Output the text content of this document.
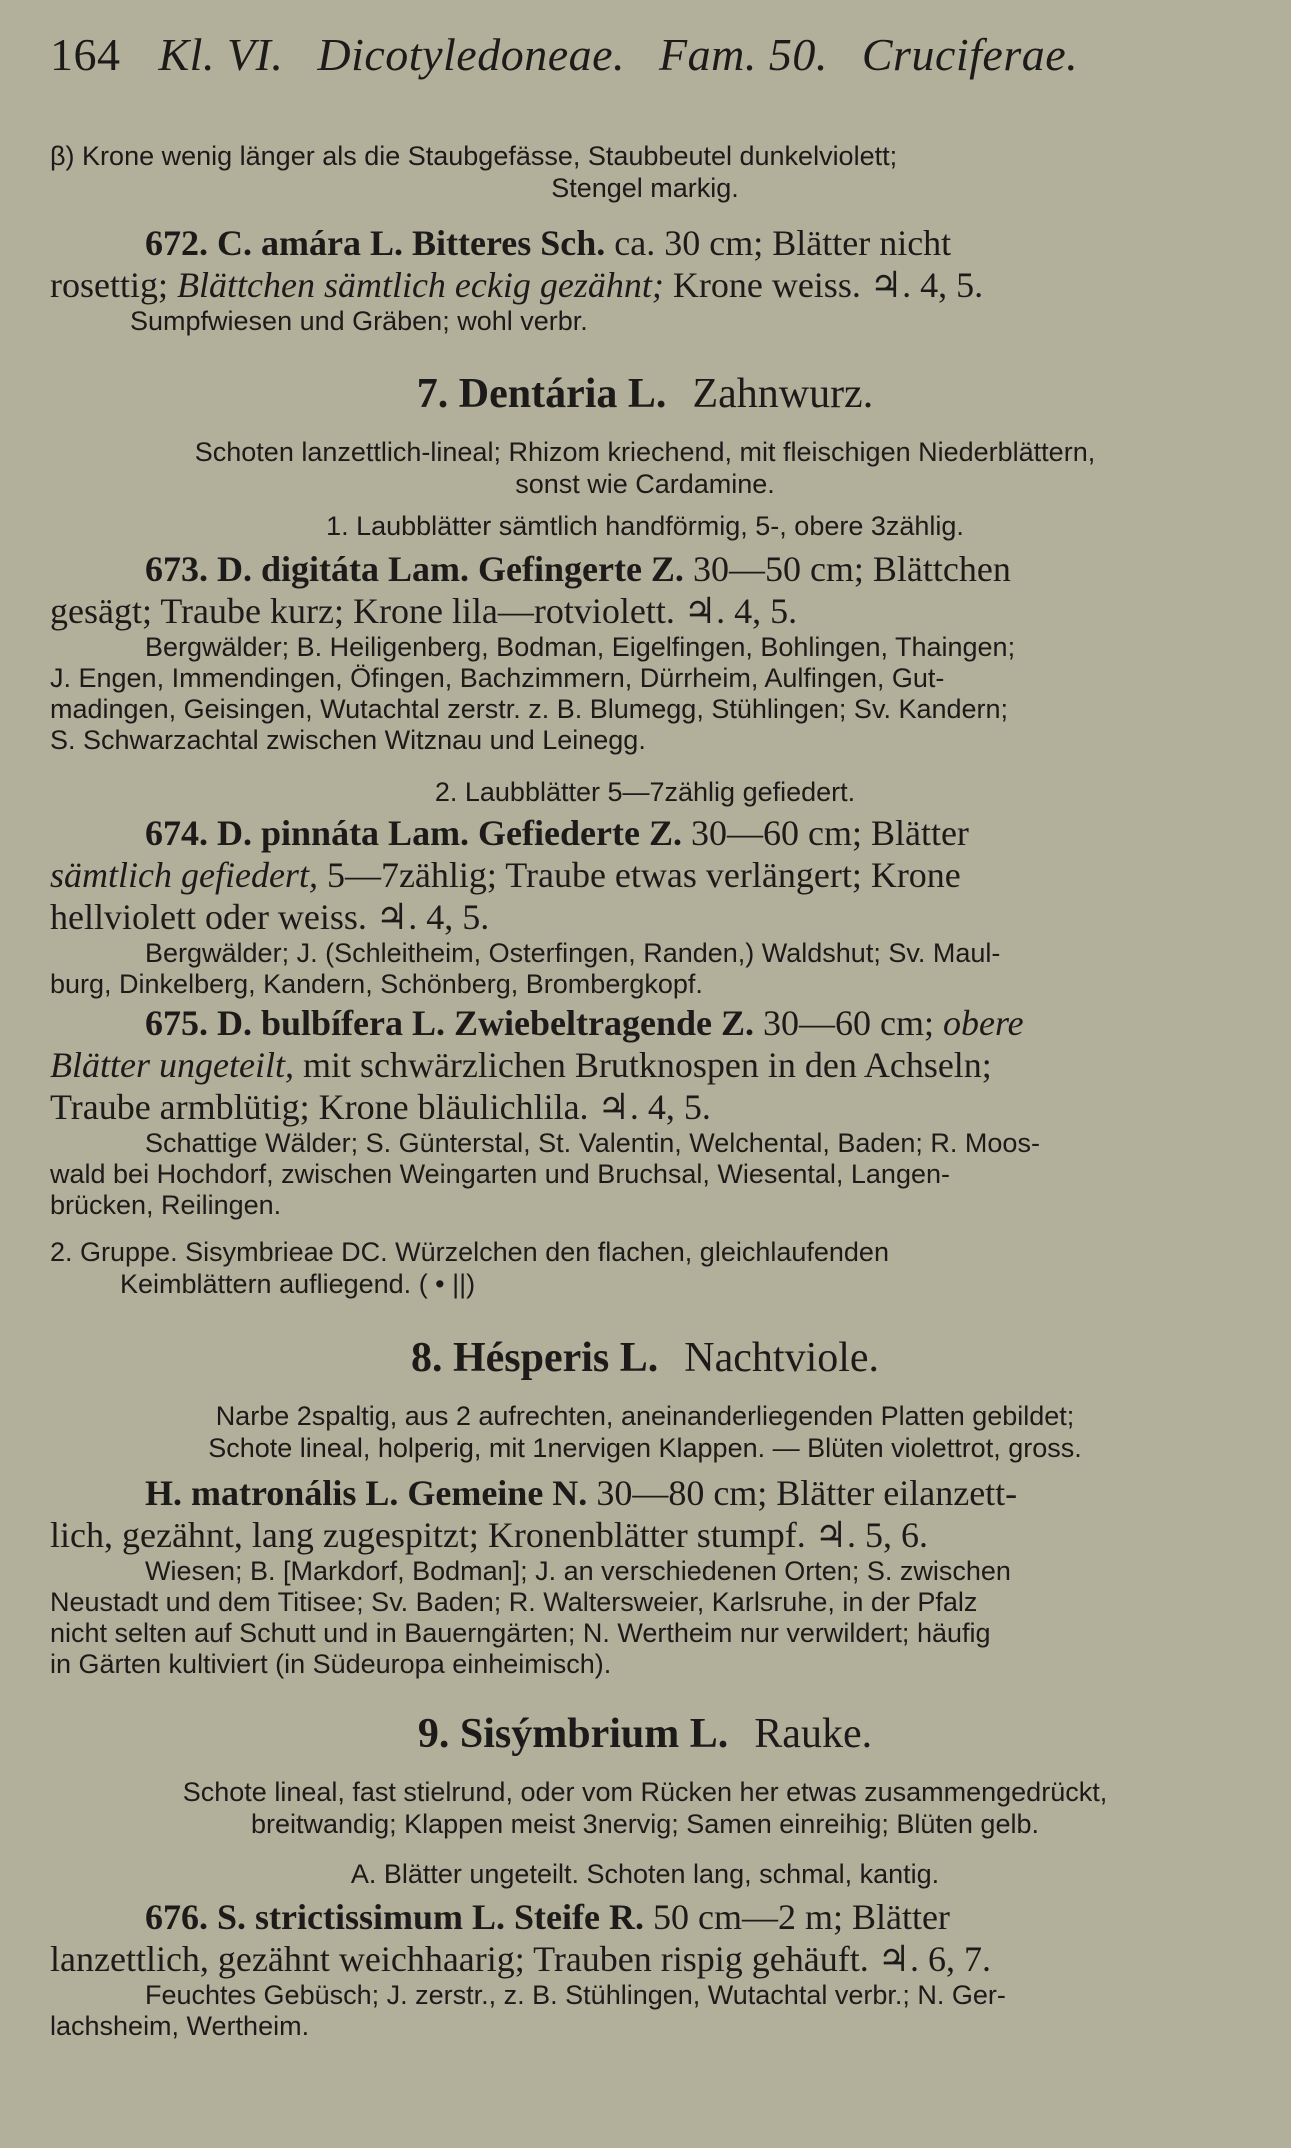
164 Kl. VI. Dicotyledoneae. Fam. 50. Cruciferae.
β) Krone wenig länger als die Staubgefässe, Staubbeutel dunkelviolett;
Stengel markig.
672. C. amára L. Bitteres Sch. ca. 30 cm; Blätter nicht
rosettig; Blättchen sämtlich eckig gezähnt; Krone weiss. ♃. 4, 5.
Sumpfwiesen und Gräben; wohl verbr.
7. Dentária L. Zahnwurz.
Schoten lanzettlich-lineal; Rhizom kriechend, mit fleischigen Niederblättern,
sonst wie Cardamine.
1. Laubblätter sämtlich handförmig, 5-, obere 3zählig.
673. D. digitáta Lam. Gefingerte Z. 30—50 cm; Blättchen
gesägt; Traube kurz; Krone lila—rotviolett. ♃. 4, 5.
Bergwälder; B. Heiligenberg, Bodman, Eigelfingen, Bohlingen, Thaingen;
J. Engen, Immendingen, Öfingen, Bachzimmern, Dürrheim, Aulfingen, Gut-
madingen, Geisingen, Wutachtal zerstr. z. B. Blumegg, Stühlingen; Sv. Kandern;
S. Schwarzachtal zwischen Witznau und Leinegg.
2. Laubblätter 5—7zählig gefiedert.
674. D. pinnáta Lam. Gefiederte Z. 30—60 cm; Blätter
sämtlich gefiedert, 5—7zählig; Traube etwas verlängert; Krone
hellviolett oder weiss. ♃. 4, 5.
Bergwälder; J. (Schleitheim, Osterfingen, Randen,) Waldshut; Sv. Maul-
burg, Dinkelberg, Kandern, Schönberg, Brombergkopf.
675. D. bulbífera L. Zwiebeltragende Z. 30—60 cm; obere
Blätter ungeteilt, mit schwärzlichen Brutknospen in den Achseln;
Traube armblütig; Krone bläulichlila. ♃. 4, 5.
Schattige Wälder; S. Günterstal, St. Valentin, Welchental, Baden; R. Moos-
wald bei Hochdorf, zwischen Weingarten und Bruchsal, Wiesental, Langen-
brücken, Reilingen.
2. Gruppe. Sisymbrieae DC. Würzelchen den flachen, gleichlaufenden
Keimblättern aufliegend. ( • ||)
8. Hésperis L. Nachtviole.
Narbe 2spaltig, aus 2 aufrechten, aneinanderliegenden Platten gebildet;
Schote lineal, holperig, mit 1nervigen Klappen. — Blüten violettrot, gross.
H. matronális L. Gemeine N. 30—80 cm; Blätter eilanzett-
lich, gezähnt, lang zugespitzt; Kronenblätter stumpf. ♃. 5, 6.
Wiesen; B. [Markdorf, Bodman]; J. an verschiedenen Orten; S. zwischen
Neustadt und dem Titisee; Sv. Baden; R. Waltersweier, Karlsruhe, in der Pfalz
nicht selten auf Schutt und in Bauerngärten; N. Wertheim nur verwildert; häufig
in Gärten kultiviert (in Südeuropa einheimisch).
9. Sisýmbrium L. Rauke.
Schote lineal, fast stielrund, oder vom Rücken her etwas zusammengedrückt,
breitwandig; Klappen meist 3nervig; Samen einreihig; Blüten gelb.
A. Blätter ungeteilt. Schoten lang, schmal, kantig.
676. S. strictissimum L. Steife R. 50 cm—2 m; Blätter
lanzettlich, gezähnt weichhaarig; Trauben rispig gehäuft. ♃. 6, 7.
Feuchtes Gebüsch; J. zerstr., z. B. Stühlingen, Wutachtal verbr.; N. Ger-
lachsheim, Wertheim.
